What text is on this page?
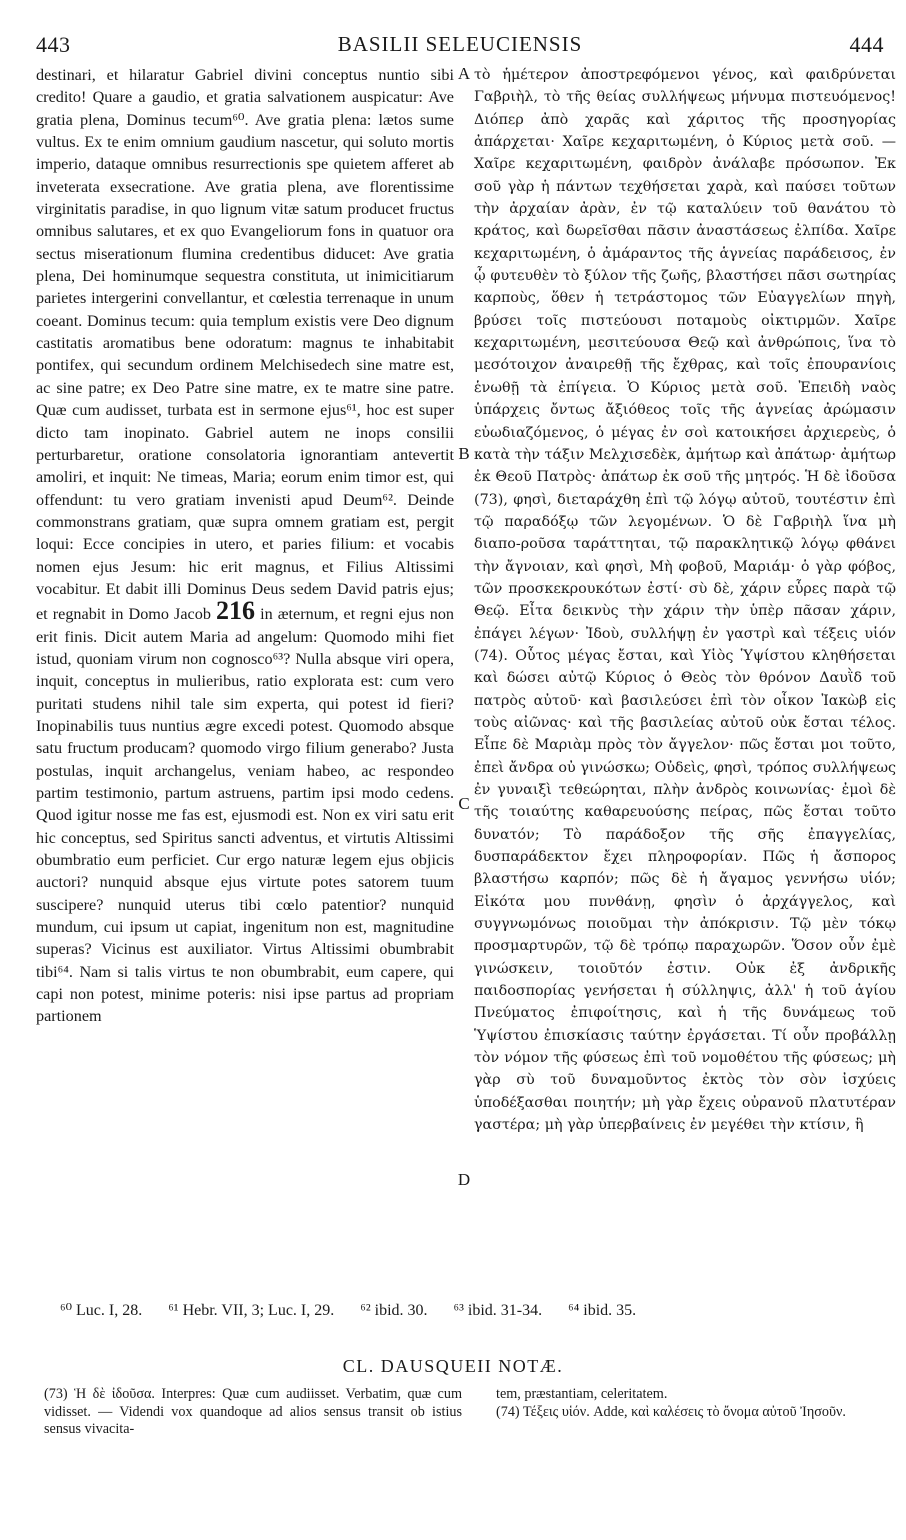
443	BASILII SELEUCIENSIS	444

destinari, et hilaratur Gabriel divini conceptus nuntio sibi credito! Quare a gaudio, et gratia salvationem auspicatur: Ave gratia plena, Dominus tecum⁶⁰. Ave gratia plena: lætos sume vultus. Ex te enim omnium gaudium nascetur, qui soluto mortis imperio, dataque omnibus resurrectionis spe quietem afferet ab inveterata exsecratione. Ave gratia plena, ave florentissime virginitatis paradise, in quo lignum vitæ satum producet fructus omnibus salutares, et ex quo Evangeliorum fons in quatuor ora sectus miserationum flumina credentibus diducet: Ave gratia plena, Dei hominumque sequestra constituta, ut inimicitiarum parietes intergerini convellantur, et cœlestia terrenaque in unum coeant. Dominus tecum: quia templum existis vere Deo dignum castitatis aromatibus bene odoratum: magnus te inhabitabit pontifex, qui secundum ordinem Melchisedech sine matre est, ac sine patre; ex Deo Patre sine matre, ex te matre sine patre. Quæ cum audisset, turbata est in sermone ejus⁶¹, hoc est super dicto tam inopinato. Gabriel autem ne inops consilii perturbaretur, oratione consolatoria ignorantiam antevertit amoliri, et inquit: Ne timeas, Maria; eorum enim timor est, qui offendunt: tu vero gratiam invenisti apud Deum⁶². Deinde commonstrans gratiam, quæ supra omnem gratiam est, pergit loqui: Ecce concipies in utero, et paries filium: et vocabis nomen ejus Jesum: hic erit magnus, et Filius Altissimi vocabitur. Et dabit illi Dominus Deus sedem David patris ejus; et regnabit in Domo Jacob 216 in æternum, et regni ejus non erit finis. Dicit autem Maria ad angelum: Quomodo mihi fiet istud, quoniam virum non cognosco⁶³? Nulla absque viri opera, inquit, conceptus in mulieribus, ratio explorata est: cum vero puritati studens nihil tale sim experta, qui potest id fieri? Inopinabilis tuus nuntius ægre excedi potest. Quomodo absque satu fructum producam? quomodo virgo filium generabo? Justa postulas, inquit archangelus, veniam habeo, ac respondeo partim testimonio, partum astruens, partim ipsi modo cedens. Quod igitur nosse me fas est, ejusmodi est. Non ex viri satu erit hic conceptus, sed Spiritus sancti adventus, et virtutis Altissimi obumbratio eum perficiet. Cur ergo naturæ legem ejus objicis auctori? nunquid absque ejus virtute potes satorem tuum suscipere? nunquid uterus tibi cœlo patentior? nunquid mundum, cui ipsum ut capiat, ingenitum non est, magnitudine superas? Vicinus est auxiliator. Virtus Altissimi obumbrabit tibi⁶⁴. Nam si talis virtus te non obumbrabit, eum capere, qui capi non potest, minime poteris: nisi ipse partus ad propriam partionem

A
B
C
D

τὸ ἡμέτερον ἀποστρεφόμενοι γένος, καὶ φαιδρύνεται Γαβριὴλ, τὸ τῆς θείας συλλήψεως μήνυμα πιστευόμενος! Διόπερ ἀπὸ χαρᾶς καὶ χάριτος τῆς προσηγορίας ἀπάρχεται· Χαῖρε κεχαριτωμένη, ὁ Κύριος μετὰ σοῦ. — Χαῖρε κεχαριτωμένη, φαιδρὸν ἀνάλαβε πρόσωπον. Ἐκ σοῦ γὰρ ἡ πάντων τεχθήσεται χαρὰ, καὶ παύσει τοῦτων τὴν ἀρχαίαν ἀρὰν, ἐν τῷ καταλύειν τοῦ θανάτου τὸ κράτος, καὶ δωρεῖσθαι πᾶσιν ἀναστάσεως ἐλπίδα. Χαῖρε κεχαριτωμένη, ὁ ἀμάραντος τῆς ἁγνείας παράδεισος, ἐν ᾧ φυτευθὲν τὸ ξύλον τῆς ζωῆς, βλαστήσει πᾶσι σωτηρίας καρποὺς, ὅθεν ἡ τετράστομος τῶν Εὐαγγελίων πηγὴ, βρύσει τοῖς πιστεύουσι ποταμοὺς οἰκτιρμῶν. Χαῖρε κεχαριτωμένη, μεσιτεύουσα Θεῷ καὶ ἀνθρώποις, ἵνα τὸ μεσότοιχον ἀναιρεθῇ τῆς ἔχθρας, καὶ τοῖς ἐπουρανίοις ἑνωθῇ τὰ ἐπίγεια. Ὁ Κύριος μετὰ σοῦ. Ἐπειδὴ ναὸς ὑπάρχεις ὄντως ἄξιόθεος τοῖς τῆς ἁγνείας ἀρώμασιν εὐωδιαζόμενος, ὁ μέγας ἐν σοὶ κατοικήσει ἀρχιερεὺς, ὁ κατὰ τὴν τάξιν Μελχισεδὲκ, ἀμήτωρ καὶ ἀπάτωρ· ἀμήτωρ ἐκ Θεοῦ Πατρὸς· ἀπάτωρ ἐκ σοῦ τῆς μητρός. Ἡ δὲ ἰδοῦσα (73), φησὶ, διεταράχθη ἐπὶ τῷ λόγῳ αὐτοῦ, τουτέστιν ἐπὶ τῷ παραδόξῳ τῶν λεγομένων. Ὁ δὲ Γαβριὴλ ἵνα μὴ διαπο-ροῦσα ταράττηται, τῷ παρακλητικῷ λόγῳ φθάνει τὴν ἄγνοιαν, καὶ φησὶ, Μὴ φοβοῦ, Μαριάμ· ὁ γὰρ φόβος, τῶν προσκεκρουκότων ἐστί· σὺ δὲ, χάριν εὗρες παρὰ τῷ Θεῷ. Εἶτα δεικνὺς τὴν χάριν τὴν ὑπὲρ πᾶσαν χάριν, ἐπάγει λέγων· Ἰδοὺ, συλλήψῃ ἐν γαστρὶ καὶ τέξεις υἱόν (74). Οὗτος μέγας ἔσται, καὶ Υἱὸς Ὑψίστου κληθήσεται καὶ δώσει αὐτῷ Κύριος ὁ Θεὸς τὸν θρόνον Δαυῒδ τοῦ πατρὸς αὐτοῦ· καὶ βασιλεύσει ἐπὶ τὸν οἶκον Ἰακὼβ εἰς τοὺς αἰῶνας· καὶ τῆς βασιλείας αὐτοῦ οὐκ ἔσται τέλος. Εἶπε δὲ Μαριὰμ πρὸς τὸν ἄγγελον· πῶς ἔσται μοι τοῦτο, ἐπεὶ ἄνδρα οὐ γινώσκω; Οὐδεὶς, φησὶ, τρόπος συλλήψεως ἐν γυναιξὶ τεθεώρηται, πλὴν ἀνδρὸς κοινωνίας· ἐμοὶ δὲ τῆς τοιαύτης καθαρευούσης πείρας, πῶς ἔσται τοῦτο δυνατόν; Τὸ παράδοξον τῆς σῆς ἐπαγγελίας, δυσπαράδεκτον ἔχει πληροφορίαν. Πῶς ἡ ἄσπορος βλαστήσω καρπόν; πῶς δὲ ἡ ἄγαμος γεννήσω υἱόν; Εἰκότα μου πυνθάνῃ, φησὶν ὁ ἀρχάγγελος, καὶ συγγνωμόνως ποιοῦμαι τὴν ἀπόκρισιν. Τῷ μὲν τόκῳ προσμαρτυρῶν, τῷ δὲ τρόπῳ παραχωρῶν. Ὅσον οὖν ἐμὲ γινώσκειν, τοιοῦτόν ἐστιν. Οὐκ ἐξ ἀνδρικῆς παιδοσπορίας γενήσεται ἡ σύλληψις, ἀλλ' ἡ τοῦ ἁγίου Πνεύματος ἐπιφοίτησις, καὶ ἡ τῆς δυνάμεως τοῦ Ὑψίστου ἐπισκίασις ταύτην ἐργάσεται. Τί οὖν προβάλλῃ τὸν νόμον τῆς φύσεως ἐπὶ τοῦ νομοθέτου τῆς φύσεως; μὴ γὰρ σὺ τοῦ δυναμοῦντος ἐκτὸς τὸν σὸν ἰσχύεις ὑποδέξασθαι ποιητήν; μὴ γὰρ ἔχεις οὐρανοῦ πλατυτέραν γαστέρα; μὴ γὰρ ὑπερβαίνεις ἐν μεγέθει τὴν κτίσιν, ἣ

⁶⁰ Luc. I, 28. ⁶¹ Hebr. VII, 3; Luc. I, 29. ⁶² ibid. 30. ⁶³ ibid. 31-34. ⁶⁴ ibid. 35.
CL. DAUSQUEII NOTÆ.

(73) Ἡ δὲ ἰδοῦσα. Interpres: Quæ cum audiisset. Verbatim, quæ cum vidisset. — Videndi vox quandoque ad alios sensus transit ob istius sensus vivacita-

tem, præstantiam, celeritatem.

(74) Τέξεις υἱόν. Adde, καὶ καλέσεις τὸ ὄνομα αὐτοῦ Ἰησοῦν.
